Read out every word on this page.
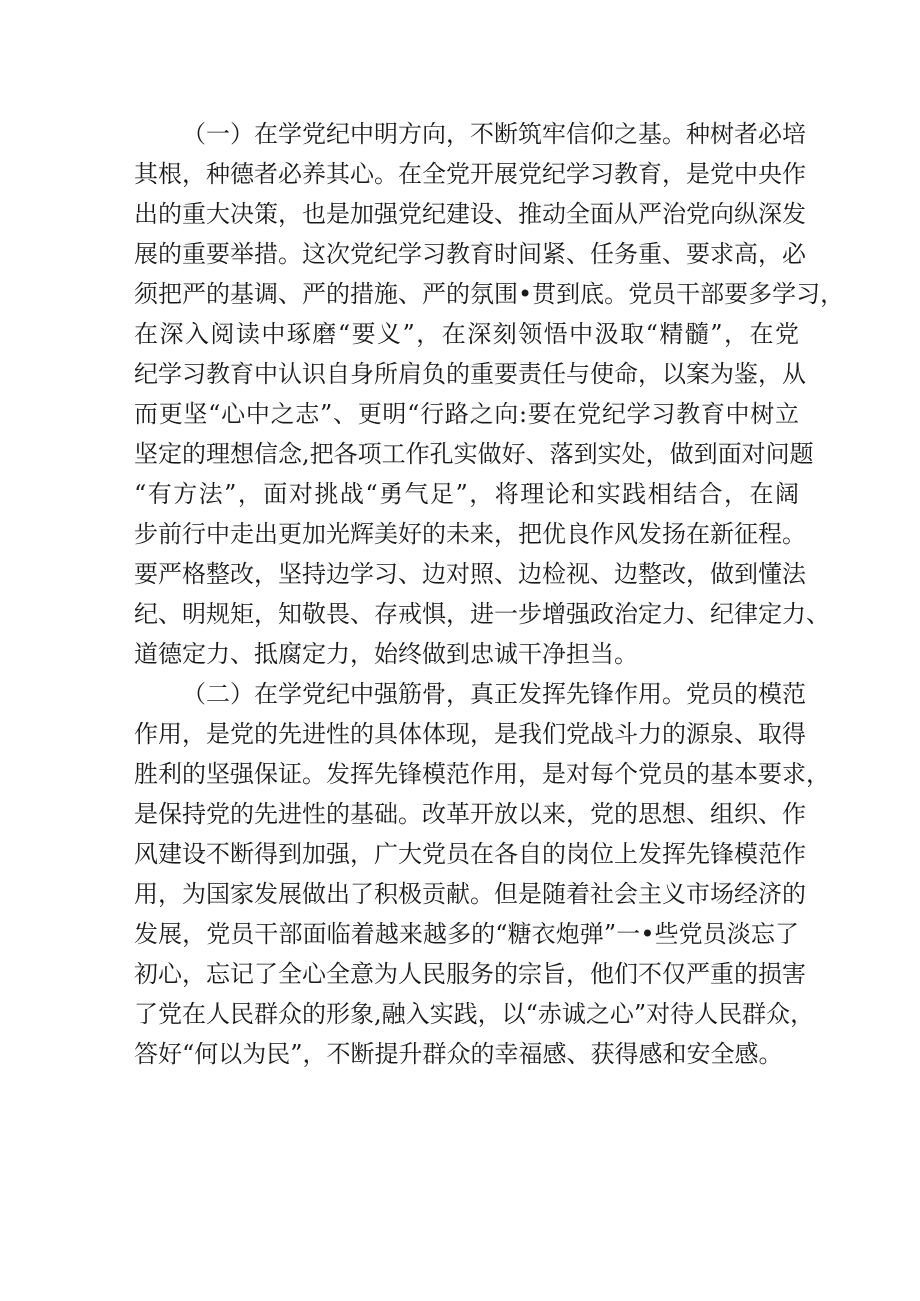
（一）在学党纪中明方向，不断筑牢信仰之基。种树者必培
其根，种德者必养其心。在全党开展党纪学习教育，是党中央作
出的重大决策，也是加强党纪建设、推动全面从严治党向纵深发
展的重要举措。这次党纪学习教育时间紧、任务重、要求高，必
须把严的基调、严的措施、严的氛围•贯到底。党员干部要多学习，
在深入阅读中琢磨“要义”，在深刻领悟中汲取“精髓”，在党
纪学习教育中认识自身所肩负的重要责任与使命，以案为鉴，从
而更坚“心中之志”、更明“行路之向:要在党纪学习教育中树立
坚定的理想信念,把各项工作孔实做好、落到实处，做到面对问题
“有方法”，面对挑战“勇气足”，将理论和实践相结合，在阔
步前行中走出更加光辉美好的未来，把优良作风发扬在新征程。
要严格整改，坚持边学习、边对照、边检视、边整改，做到懂法
纪、明规矩，知敬畏、存戒惧，进一步增强政治定力、纪律定力、
道德定力、抵腐定力，始终做到忠诚干净担当。
（二）在学党纪中强筋骨，真正发挥先锋作用。党员的模范
作用，是党的先进性的具体体现，是我们党战斗力的源泉、取得
胜利的坚强保证。发挥先锋模范作用，是对每个党员的基本要求，
是保持党的先进性的基础。改革开放以来，党的思想、组织、作
风建设不断得到加强，广大党员在各自的岗位上发挥先锋模范作
用，为国家发展做出了积极贡献。但是随着社会主义市场经济的
发展，党员干部面临着越来越多的“糖衣炮弹”一•些党员淡忘了
初心，忘记了全心全意为人民服务的宗旨，他们不仅严重的损害
了党在人民群众的形象,融入实践，以“赤诚之心”对待人民群众，
答好“何以为民”，不断提升群众的幸福感、获得感和安全感。
